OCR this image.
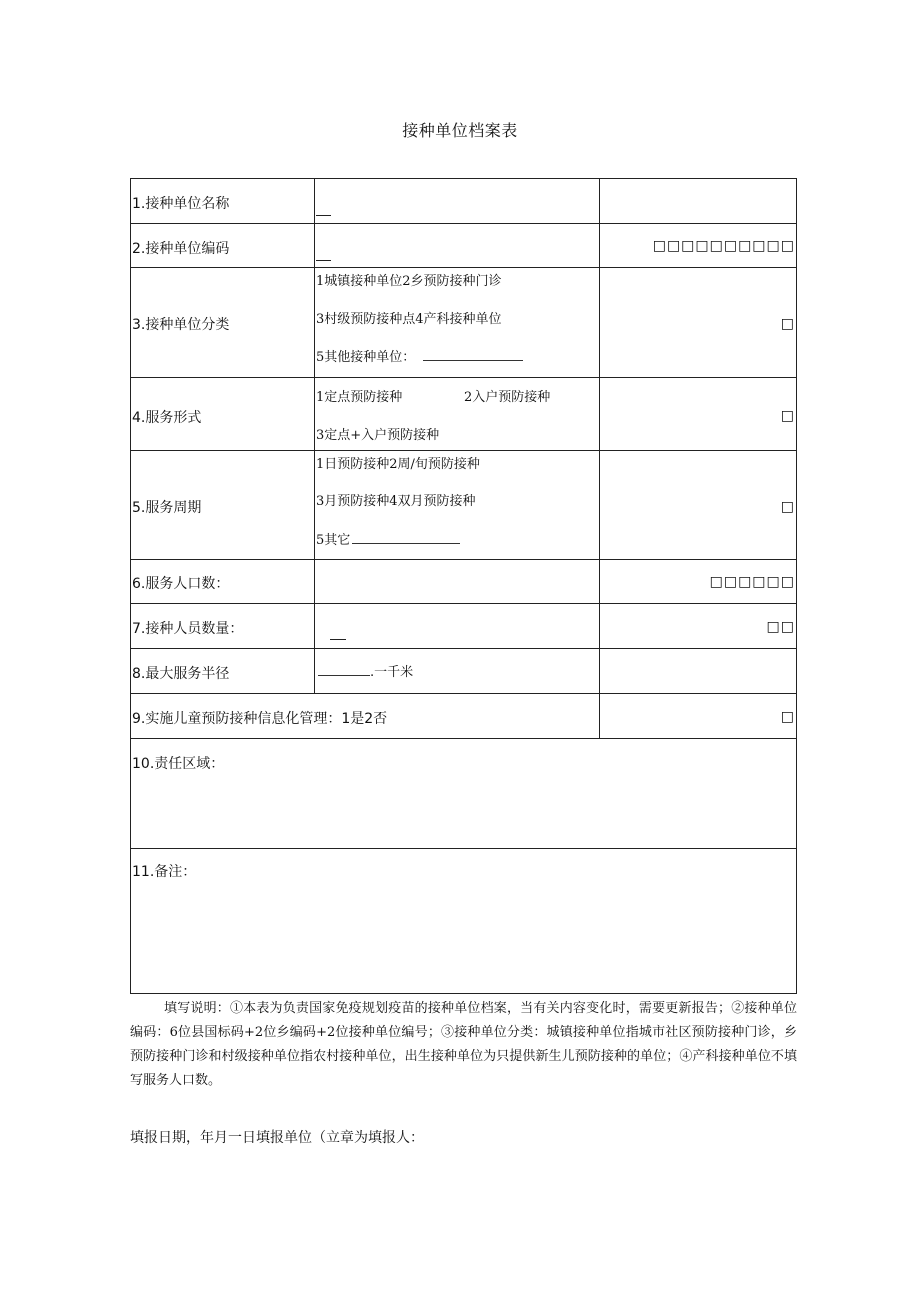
接种单位档案表
1.接种单位名称
2.接种单位编码	□□□□□□□□□□
3.接种单位分类
1城镇接种单位2乡预防接种门诊
3村级预防接种点4产科接种单位
5其他接种单位：
□
4.服务形式
1定点预防接种	2入户预防接种
3定点+入户预防接种
□
5.服务周期
1日预防接种2周/旬预防接种
3月预防接种4双月预防接种
5其它
□
6.服务人口数：	□□□□□□
7.接种人员数量：	□□
8.最大服务半径	.一千米
9.实施儿童预防接种信息化管理：1是2否	□
10.责任区域：
11.备注：
填写说明：①本表为负责国家免疫规划疫苗的接种单位档案，当有关内容变化时，需要更新报告；②接种单位编码：6位县国标码+2位乡编码+2位接种单位编号；③接种单位分类：城镇接种单位指城市社区预防接种门诊，乡预防接种门诊和村级接种单位指农村接种单位，出生接种单位为只提供新生儿预防接种的单位；④产科接种单位不填写服务人口数。
填报日期，年月一日填报单位（立章为填报人：
